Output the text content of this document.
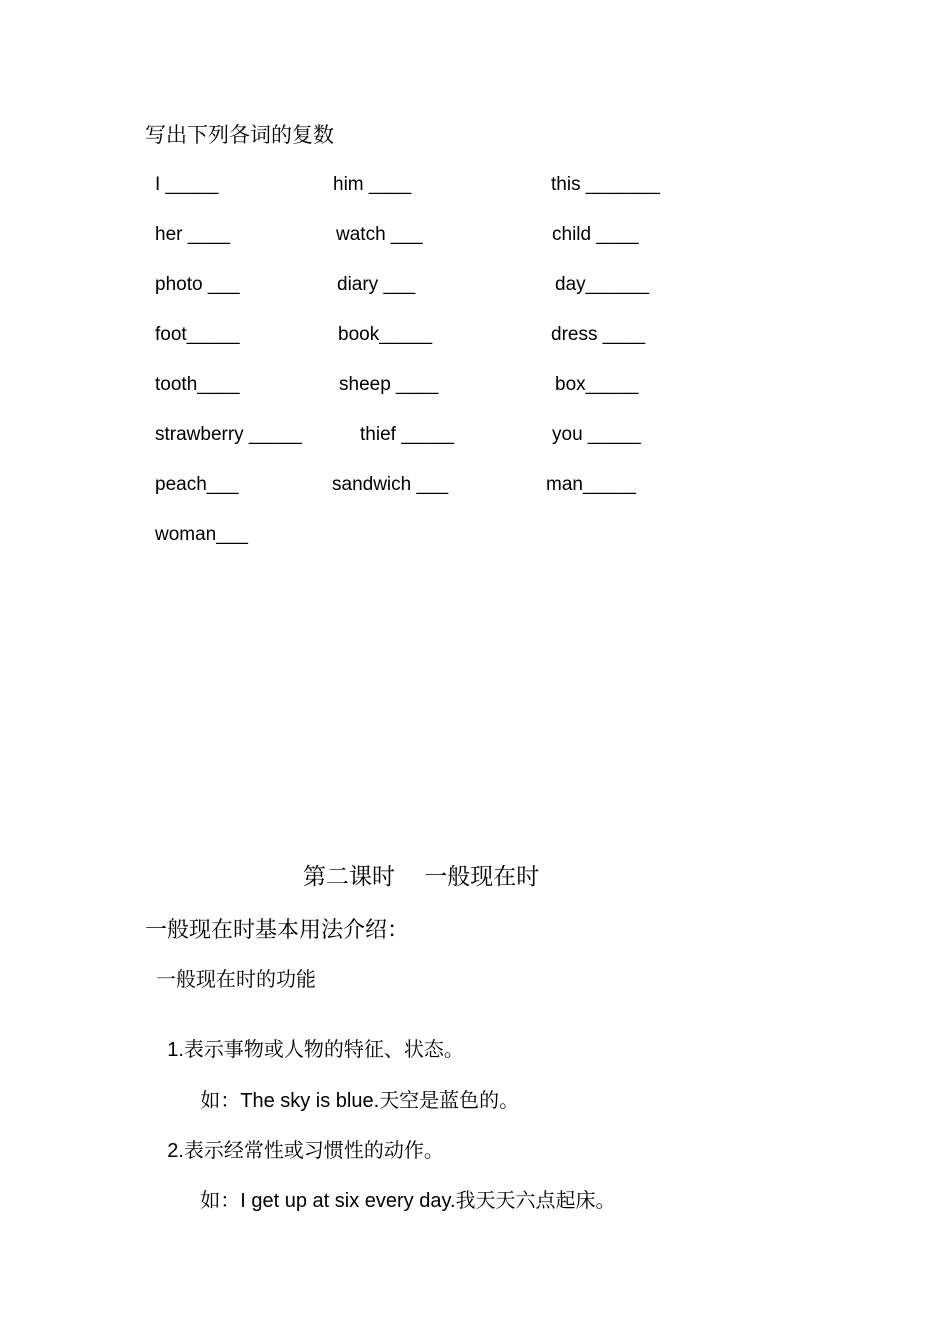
写出下列各词的复数
I _____	him ____	this _______
her ____	watch ___	child ____
photo ___	diary ___	day______
foot_____	book_____	dress ____
tooth____	sheep ____	box_____
strawberry _____	thief _____	you _____
peach___	sandwich ___	man_____
woman___
第二课时    一般现在时
一般现在时基本用法介绍：
一般现在时的功能

1.表示事物或人物的特征、状态。

如：The sky is blue.天空是蓝色的。

2.表示经常性或习惯性的动作。

如：I get up at six every day.我天天六点起床。
